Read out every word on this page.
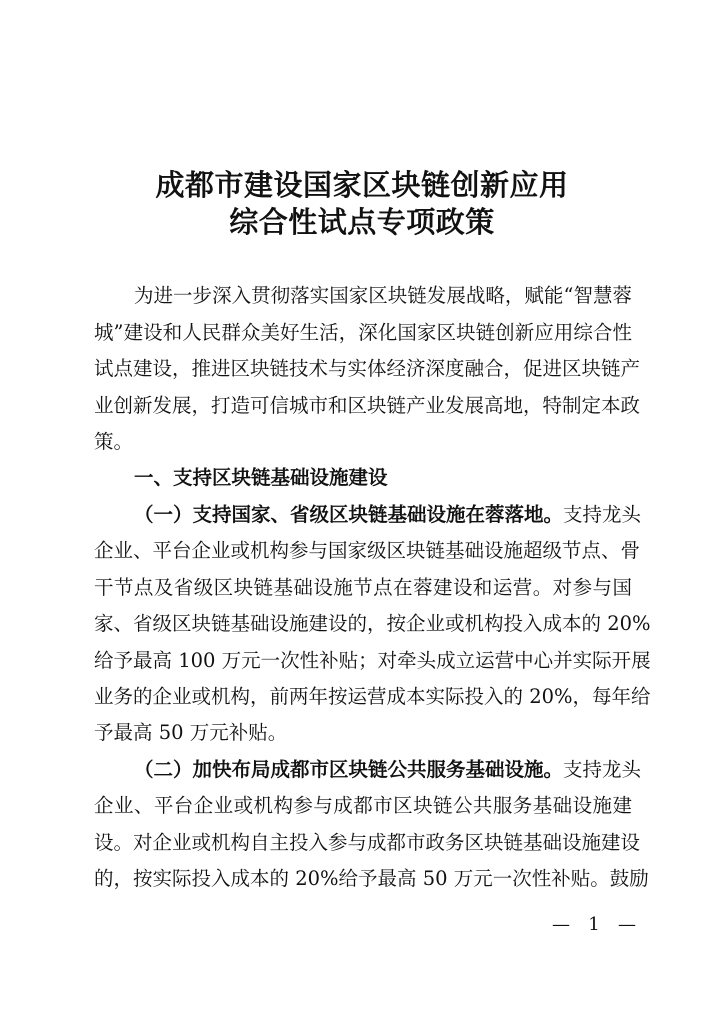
成都市建设国家区块链创新应用
综合性试点专项政策
为进一步深入贯彻落实国家区块链发展战略，赋能“智慧蓉
城”建设和人民群众美好生活，深化国家区块链创新应用综合性
试点建设，推进区块链技术与实体经济深度融合，促进区块链产
业创新发展，打造可信城市和区块链产业发展高地，特制定本政
策。
一、支持区块链基础设施建设
（一）支持国家、省级区块链基础设施在蓉落地。支持龙头
企业、平台企业或机构参与国家级区块链基础设施超级节点、骨
干节点及省级区块链基础设施节点在蓉建设和运营。对参与国
家、省级区块链基础设施建设的，按企业或机构投入成本的 20%
给予最高 100 万元一次性补贴；对牵头成立运营中心并实际开展
业务的企业或机构，前两年按运营成本实际投入的 20%，每年给
予最高 50 万元补贴。
（二）加快布局成都市区块链公共服务基础设施。支持龙头
企业、平台企业或机构参与成都市区块链公共服务基础设施建
设。对企业或机构自主投入参与成都市政务区块链基础设施建设
的，按实际投入成本的 20%给予最高 50 万元一次性补贴。鼓励
— 1 —
